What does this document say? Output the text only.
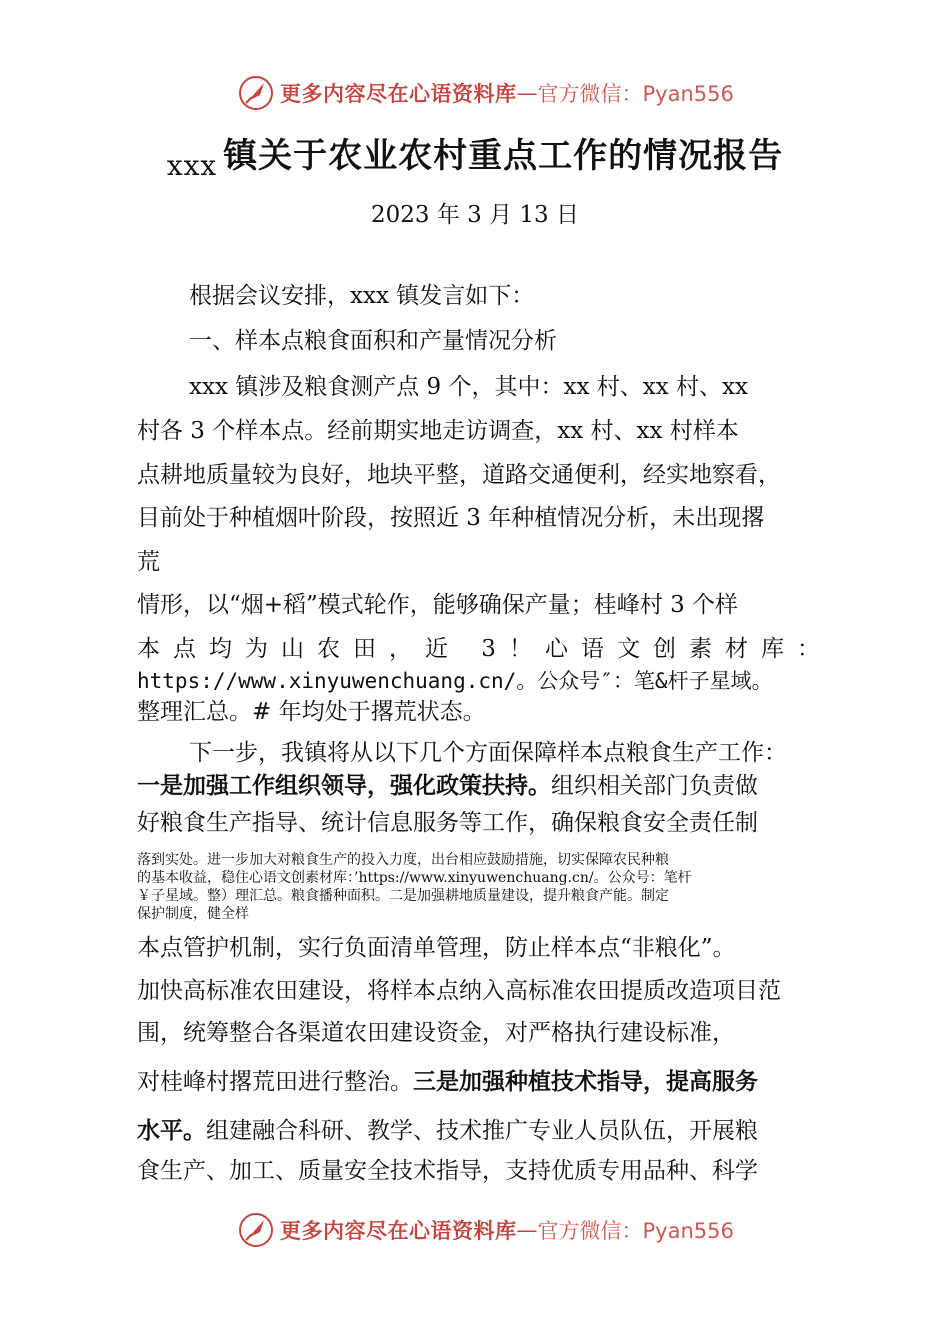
更多内容尽在心语资料库 — 官方微信：Pyan556
$_{xxx}$ 镇关于农业农村重点工作的情况报告
2023 年 3 月 13 日
根据会议安排，xxx 镇发言如下：
一、样本点粮食面积和产量情况分析
xxx 镇涉及粮食测产点 9 个，其中：xx 村、xx 村、xx
村各 3 个样本点。经前期实地走访调查，xx 村、xx 村样本
点耕地质量较为良好，地块平整，道路交通便利，经实地察看，
目前处于种植烟叶阶段，按照近 3 年种植情况分析，未出现撂
荒
情形，以“烟+稻”模式轮作，能够确保产量；桂峰村 3 个样
本点均为山农田，近 3！心语文创素材库：
https://www.xinyuwenchuang.cn/。公众号″：笔&杆子星域。
整理汇总。# 年均处于撂荒状态。
下一步，我镇将从以下几个方面保障样本点粮食生产工作：
一是加强工作组织领导，强化政策扶持。组织相关部门负责做
好粮食生产指导、统计信息服务等工作，确保粮食安全责任制

落到实处。进一步加大对粮食生产的投入力度，出台相应鼓励措施，切实保障农民种粮

的基本收益，稳住心语文创素材库：’https://www.xinyuwenchuang.cn/。公众号：笔杆

￥子星域。整）理汇总。粮食播种面积。二是加强耕地质量建设，提升粮食产能。制定

保护制度，健全样

本点管护机制，实行负面清单管理，防止样本点“非粮化”。
加快高标准农田建设，将样本点纳入高标准农田提质改造项目范
围，统筹整合各渠道农田建设资金，对严格执行建设标准，
对桂峰村撂荒田进行整治。三是加强种植技术指导，提高服务
水平。组建融合科研、教学、技术推广专业人员队伍，开展粮
食生产、加工、质量安全技术指导，支持优质专用品种、科学
更多内容尽在心语资料库 — 官方微信：Pyan556
